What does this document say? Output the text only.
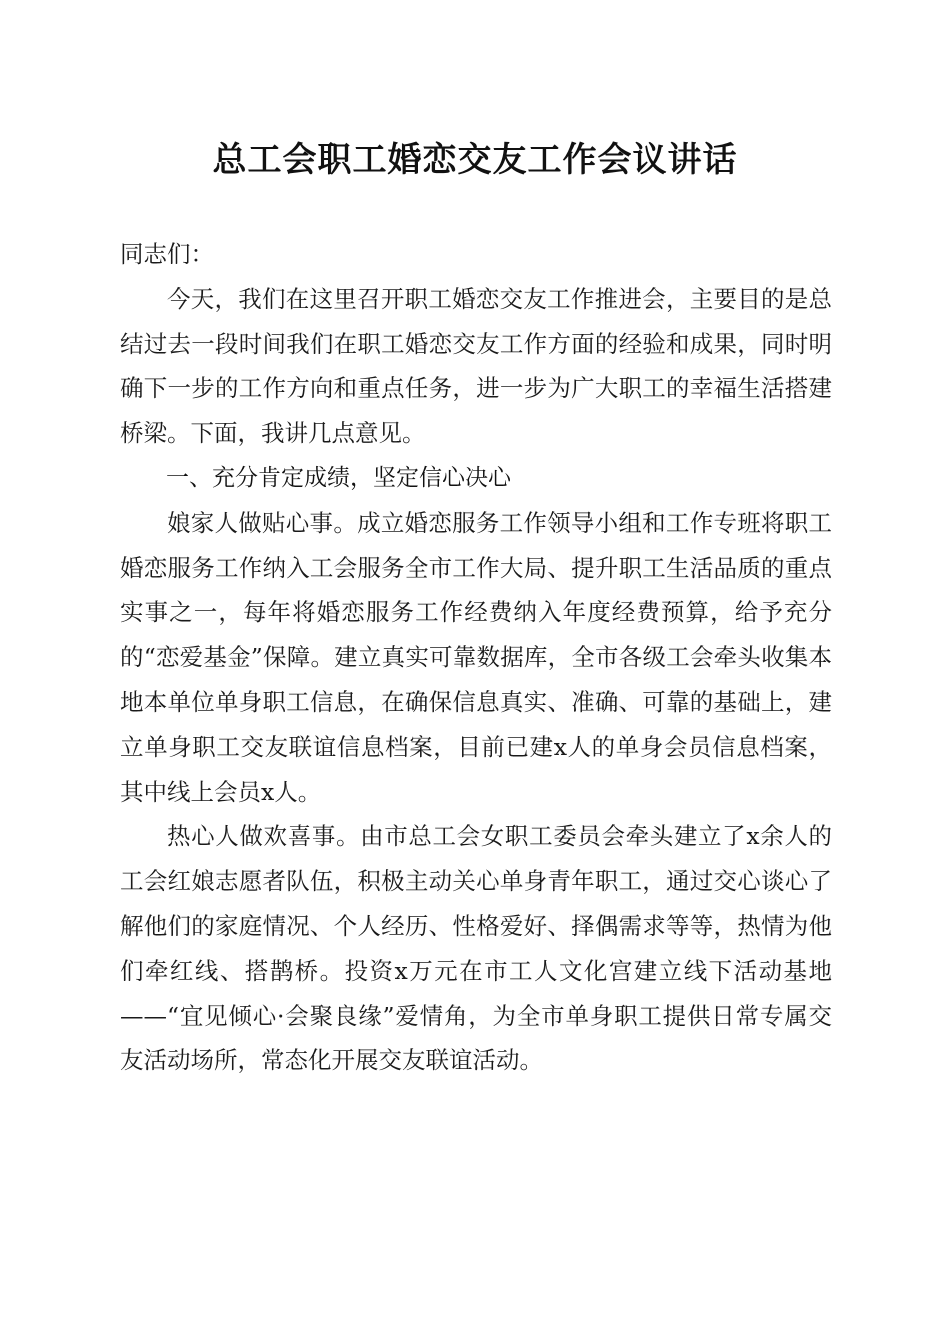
总工会职工婚恋交友工作会议讲话

同志们：

今天，我们在这里召开职工婚恋交友工作推进会，主要目的是总结过去一段时间我们在职工婚恋交友工作方面的经验和成果，同时明确下一步的工作方向和重点任务，进一步为广大职工的幸福生活搭建桥梁。下面，我讲几点意见。

一、充分肯定成绩，坚定信心决心

娘家人做贴心事。成立婚恋服务工作领导小组和工作专班将职工婚恋服务工作纳入工会服务全市工作大局、提升职工生活品质的重点实事之一，每年将婚恋服务工作经费纳入年度经费预算，给予充分的“恋爱基金”保障。建立真实可靠数据库，全市各级工会牵头收集本地本单位单身职工信息，在确保信息真实、准确、可靠的基础上，建立单身职工交友联谊信息档案，目前已建x人的单身会员信息档案，其中线上会员x人。

热心人做欢喜事。由市总工会女职工委员会牵头建立了x余人的工会红娘志愿者队伍，积极主动关心单身青年职工，通过交心谈心了解他们的家庭情况、个人经历、性格爱好、择偶需求等等，热情为他们牵红线、搭鹊桥。投资x万元在市工人文化宫建立线下活动基地——“宜见倾心·会聚良缘”爱情角，为全市单身职工提供日常专属交友活动场所，常态化开展交友联谊活动。
